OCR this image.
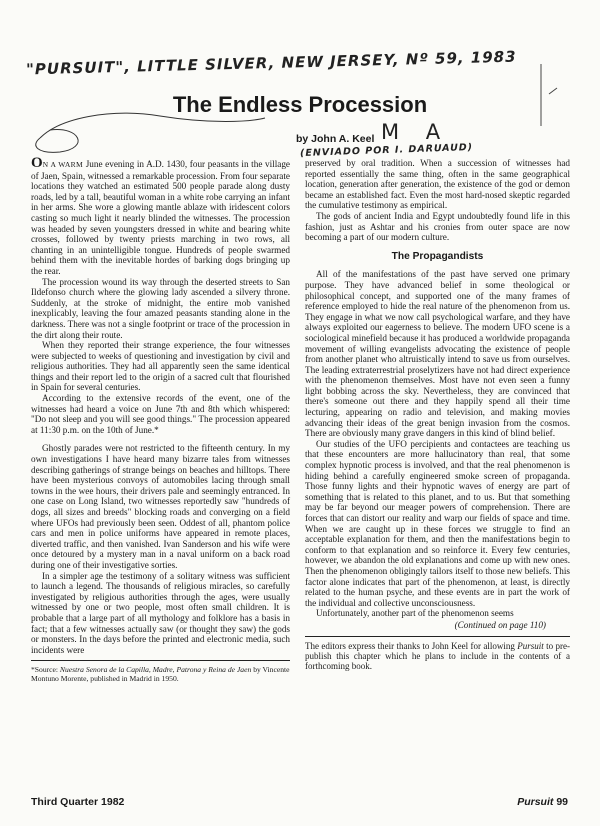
"PURSUIT", LITTLE SILVER, NEW JERSEY, Nº 59, 1983
M A
(ENVIADO POR I. DARUAUD)
The Endless Procession
by John A. Keel

ON A WARM June evening in A.D. 1430, four peasants in the village of Jaen, Spain, witnessed a remarkable procession. From four separate locations they watched an estimated 500 people parade along dusty roads, led by a tall, beautiful woman in a white robe carrying an infant in her arms. She wore a glowing mantle ablaze with iridescent colors casting so much light it nearly blinded the witnesses. The procession was headed by seven youngsters dressed in white and bearing white crosses, followed by twenty priests marching in two rows, all chanting in an unintelligible tongue. Hundreds of people swarmed behind them with the inevitable hordes of barking dogs bringing up the rear.

The procession wound its way through the deserted streets to San Ildefonso church where the glowing lady ascended a silvery throne. Suddenly, at the stroke of midnight, the entire mob vanished inexplicably, leaving the four amazed peasants standing alone in the darkness. There was not a single footprint or trace of the procession in the dirt along their route.

When they reported their strange experience, the four witnesses were subjected to weeks of questioning and investigation by civil and religious authorities. They had all apparently seen the same identical things and their report led to the origin of a sacred cult that flourished in Spain for several centuries.

According to the extensive records of the event, one of the witnesses had heard a voice on June 7th and 8th which whispered: "Do not sleep and you will see good things." The procession appeared at 11:30 p.m. on the 10th of June.*

Ghostly parades were not restricted to the fifteenth century. In my own investigations I have heard many bizarre tales from witnesses describing gatherings of strange beings on beaches and hilltops. There have been mysterious convoys of automobiles lacing through small towns in the wee hours, their drivers pale and seemingly entranced. In one case on Long Island, two witnesses reportedly saw "hundreds of dogs, all sizes and breeds" blocking roads and converging on a field where UFOs had previously been seen. Oddest of all, phantom police cars and men in police uniforms have appeared in remote places, diverted traffic, and then vanished. Ivan Sanderson and his wife were once detoured by a mystery man in a naval uniform on a back road during one of their investigative sorties.

In a simpler age the testimony of a solitary witness was sufficient to launch a legend. The thousands of religious miracles, so carefully investigated by religious authorities through the ages, were usually witnessed by one or two people, most often small children. It is probable that a large part of all mythology and folklore has a basis in fact; that a few witnesses actually saw (or thought they saw) the gods or monsters. In the days before the printed and electronic media, such incidents were

*Source: Nuestra Senora de la Capilla, Madre, Patrona y Reina de Jaen by Vincente Montuno Morente, published in Madrid in 1950.

preserved by oral tradition. When a succession of witnesses had reported essentially the same thing, often in the same geographical location, generation after generation, the existence of the god or demon became an established fact. Even the most hard-nosed skeptic regarded the cumulative testimony as empirical.

The gods of ancient India and Egypt undoubtedly found life in this fashion, just as Ashtar and his cronies from outer space are now becoming a part of our modern culture.

The Propagandists

All of the manifestations of the past have served one primary purpose. They have advanced belief in some theological or philosophical concept, and supported one of the many frames of reference employed to hide the real nature of the phenomenon from us. They engage in what we now call psychological warfare, and they have always exploited our eagerness to believe. The modern UFO scene is a sociological minefield because it has produced a worldwide propaganda movement of willing evangelists advocating the existence of people from another planet who altruistically intend to save us from ourselves. The leading extraterrestrial proselytizers have not had direct experience with the phenomenon themselves. Most have not even seen a funny light bobbing across the sky. Nevertheless, they are convinced that there's someone out there and they happily spend all their time lecturing, appearing on radio and television, and making movies advancing their ideas of the great benign invasion from the cosmos. There are obviously many grave dangers in this kind of blind belief.

Our studies of the UFO percipients and contactees are teaching us that these encounters are more hallucinatory than real, that some complex hypnotic process is involved, and that the real phenomenon is hiding behind a carefully engineered smoke screen of propaganda. Those funny lights and their hypnotic waves of energy are part of something that is related to this planet, and to us. But that something may be far beyond our meager powers of comprehension. There are forces that can distort our reality and warp our fields of space and time. When we are caught up in these forces we struggle to find an acceptable explanation for them, and then the manifestations begin to conform to that explanation and so reinforce it. Every few centuries, however, we abandon the old explanations and come up with new ones. Then the phenomenon obligingly tailors itself to those new beliefs. This factor alone indicates that part of the phenomenon, at least, is directly related to the human psyche, and these events are in part the work of the individual and collective unconsciousness.

Unfortunately, another part of the phenomenon seems

(Continued on page 110)

The editors express their thanks to John Keel for allowing Pursuit to pre-publish this chapter which he plans to include in the contents of a forthcoming book.

Third Quarter 1982	Pursuit 99
